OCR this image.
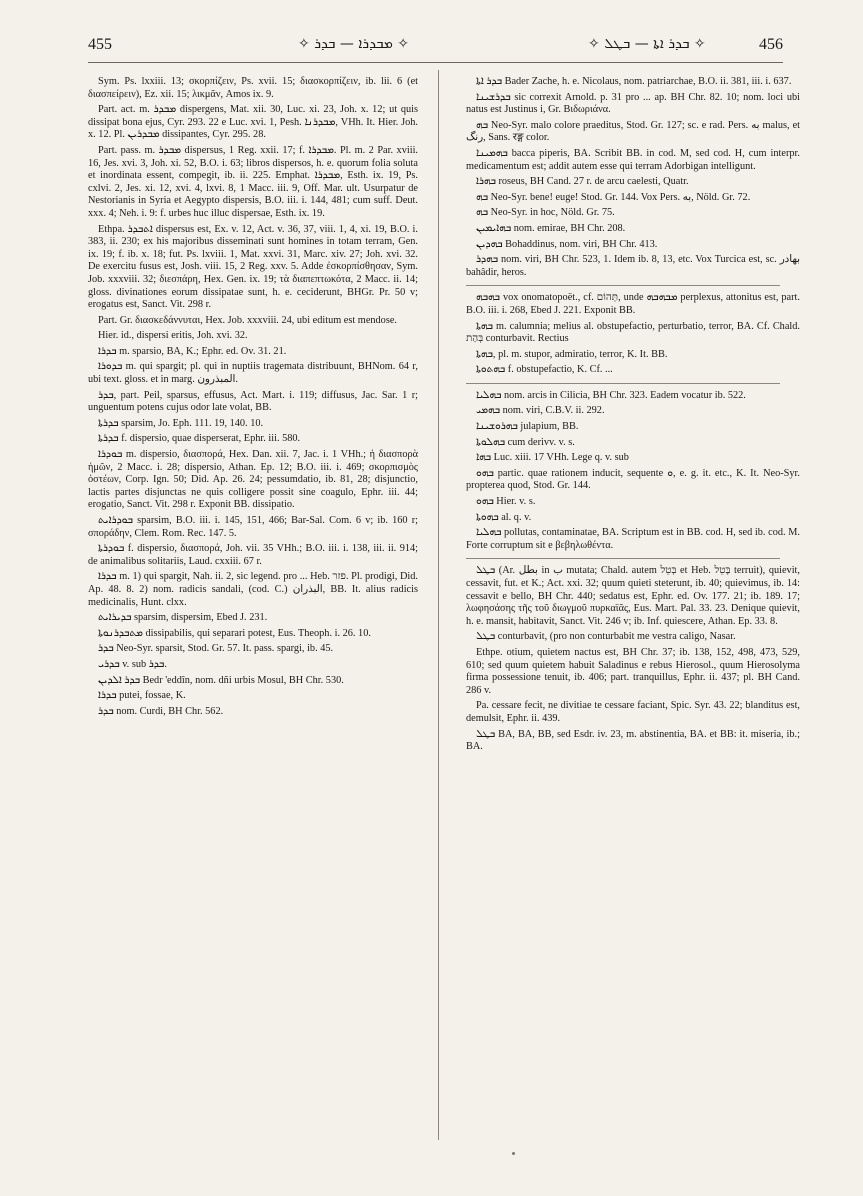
455	✧ ܡܒܕܪܐ — ܒܕܪ ✧	✧ ܒܕܪ ܐܬܐ — ܒܛܠ ✧	456

Sym. Ps. lxxiii. 13; σκορπίζειν, Ps. xvii. 15; διασκορπίζειν, ib. lii. 6 (et διασπείρειν), Ez. xii. 15; λικμᾶν, Amos ix. 9.

Part. act. m. ܡܒܕܪ dispergens, Mat. xii. 30, Luc. xi. 23, Joh. x. 12; ut quis dissipat bona ejus, Cyr. 293. 22 e Luc. xvi. 1, Pesh. ܡܒܕܪܢܐ, VHh. It. Hier. Joh. x. 12. Pl. ܡܒܕܪܝܢ dissipantes, Cyr. 295. 28.

Part. pass. m. ܡܒܕܪ dispersus, 1 Reg. xxii. 17; f. ܡܒܕܪܐ. Pl. m. 2 Par. xviii. 16, Jes. xvi. 3, Joh. xi. 52, B.O. i. 63; libros dispersos, h. e. quorum folia soluta et inordinata essent, compegit, ib. ii. 225. Emphat. ܡܒܕܪܐ, Esth. ix. 19, Ps. cxlvi. 2, Jes. xi. 12, xvi. 4, lxvi. 8, 1 Macc. iii. 9, Off. Mar. ult. Usurpatur de Nestorianis in Syria et Aegypto dispersis, B.O. iii. i. 144, 481; cum suff. Deut. xxx. 4; Neh. i. 9: f. urbes huc illuc dispersae, Esth. ix. 19.

Ethpa. ܐܬܒܕܪ dispersus est, Ex. v. 12, Act. v. 36, 37, viii. 1, 4, xi. 19, B.O. i. 383, ii. 230; ex his majoribus disseminati sunt homines in totam terram, Gen. ix. 19; f. ib. x. 18; fut. Ps. lxviii. 1, Mat. xxvi. 31, Marc. xiv. 27; Joh. xvi. 32. De exercitu fusus est, Josh. viii. 15, 2 Reg. xxv. 5. Adde ἐσκορπίσθησαν, Sym. Job. xxxviii. 32; διεσπάρη, Hex. Gen. ix. 19; τὰ διαπεπτωκότα, 2 Macc. ii. 14; gloss. divinationes eorum dissipatae sunt, h. e. ceciderunt, BHGr. Pr. 50 v; erogatus est, Sanct. Vit. 298 r.

Part. Gr. διασκεδάννυται, Hex. Job. xxxviii. 24, ubi editum est mendose.

Hier. id., dispersi eritis, Joh. xvi. 32.

ܒܕܪܐ m. sparsio, BA, K.; Ephr. ed. Ov. 31. 21.

ܒܕܘܪܐ m. qui spargit; pl. qui in nuptiis tragemata distribuunt, BHNom. 64 r, ubi text. gloss. et in marg. المبذرون.

ܒܕܪ, part. Peil, sparsus, effusus, Act. Mart. i. 119; diffusus, Jac. Sar. 1 r; unguentum potens cujus odor late volat, BB.

ܒܕܪܬܐ sparsim, Jo. Eph. 111. 19, 140. 10.

ܒܕܪܬܐ f. dispersio, quae disperserat, Ephr. iii. 580.

ܒܘܕܪܐ m. dispersio, διασπορά, Hex. Dan. xii. 7, Jac. i. 1 VHh.; ἡ διασπορὰ ἡμῶν, 2 Macc. i. 28; dispersio, Athan. Ep. 12; B.O. iii. i. 469; σκορπισμὸς ὀστέων, Corp. Ign. 50; Did. Ap. 26. 24; pessumdatio, ib. 81, 28; disjunctio, lactis partes disjunctas ne quis colligere possit sine coagulo, Ephr. iii. 44; erogatio, Sanct. Vit. 298 r. Exponit BB. dissipatio.

ܒܘܕܪܐܝܬ sparsim, B.O. iii. i. 145, 151, 466; Bar-Sal. Com. 6 v; ib. 160 r; σποράδην, Clem. Rom. Rec. 147. 5.

ܒܘܕܪܬܐ f. dispersio, διασπορά, Joh. vii. 35 VHh.; B.O. iii. i. 138, iii. ii. 914; de animalibus solitariis, Laud. cxxiii. 67 r.

ܒܕܪܐ m. 1) qui spargit, Nah. ii. 2, sic legend. pro ... Heb. פזר. Pl. prodigi, Did. Ap. 48. 8. 2) nom. radicis sandali, (cod. C.) البذران, BB. It. alius radicis medicinalis, Hunt. clxx.

ܒܕܝܪܐܝܬ sparsim, dispersim, Ebed J. 231.

ܡܬܒܕܪܢܘܬܐ dissipabilis, qui separari potest, Eus. Theoph. i. 26. 10.

ܒܕܪ Neo-Syr. sparsit, Stod. Gr. 57. It. pass. spargi, ib. 45.

ܒܕܪܝ v. sub ܒܕܪ.

ܒܕܪ ܐܠܕܝܢ Bedr 'eddîn, nom. dñi urbis Mosul, BH Chr. 530.

ܒܕܪܐ putei, fossae, K.

ܒܕܪ nom. Curdi, BH Chr. 562.

ܒܕܪ ܐܬܐ Bader Zache, h. e. Nicolaus, nom. patriarchae, B.O. ii. 381, iii. i. 637.

ܒܕܪܫܝܢܐ sic correxit Arnold. p. 31 pro ... ap. BH Chr. 82. 10; nom. loci ubi natus est Justinus i, Gr. Βιδωριάνα.

ܒܗ Neo-Syr. malo colore praeditus, Stod. Gr. 127; sc. e rad. Pers. به malus, et رنگ, Sans. रङ्ग color.

ܒܗܡܝܢܐ bacca piperis, BA. Scribit BB. in cod. M, sed cod. H, cum interpr. medicamentum est; addit autem esse qui terram Adorbigan intelligunt.

ܒܗܪܐ roseus, BH Cand. 27 r. de arcu caelesti, Quatr.

ܒܗ Neo-Syr. bene! euge! Stod. Gr. 144. Vox Pers. به, Nöld. Gr. 72.

ܒܗ Neo-Syr. in hoc, Nöld. Gr. 75.

ܒܗܐܝܡܝܢ nom. emirae, BH Chr. 208.

ܒܗܕܝܢ Bohaddinus, nom. viri, BH Chr. 413.

ܒܗܕܪ nom. viri, BH Chr. 523, 1. Idem ib. 8, 13, etc. Vox Turcica est, sc. بهادر bahâdir, heros.

ܒܗܒܗ vox onomatopoët., cf. תְּהוֹם, unde ܡܒܗܒܗ perplexus, attonitus est, part. B.O. iii. i. 268, Ebed J. 221. Exponit BB.

ܒܗܬܐ m. calumnia; melius al. obstupefactio, perturbatio, terror, BA. Cf. Chald. בְּהַת conturbavit. Rectius

ܒܗܬܐ, pl. m. stupor, admiratio, terror, K. It. BB.

ܒܗܬܘܬܐ f. obstupefactio, K. Cf. ...

ܒܗܠܝܐ nom. arcis in Cilicia, BH Chr. 323. Eadem vocatur ib. 522.

ܒܗܡܝ nom. viri, C.B.V. ii. 292.

ܒܗܪܘܫܝܢܐ julapium, BB.

ܒܗܠܘܬܐ cum derivv. v. s.

ܒܗܐ Luc. xiii. 17 VHh. Lege q. v. sub

ܒܗܘ partic. quae rationem inducit, sequente ܘ, e. g. it. etc., K. It. Neo-Syr. propterea quod, Stod. Gr. 144.

ܒܗܘ Hier. v. s.

ܒܗܘܬܐ al. q. v.

ܒܗܠܝܐ pollutas, contaminatae, BA. Scriptum est in BB. cod. H, sed ib. cod. M. Forte corruptum sit e βεβηλωθέντα.

ܒܛܠ (Ar. بطل in ب mutata; Chald. autem בְּטֵל et Heb. בָּטֵל terruit), quievit, cessavit, fut. et K.; Act. xxi. 32; quum quieti steterunt, ib. 40; quievimus, ib. 14: cessavit e bello, BH Chr. 440; sedatus est, Ephr. ed. Ov. 177. 21; ib. 189. 17; λωφησάσης τῆς τοῦ διωγμοῦ πυρκαϊᾶς, Eus. Mart. Pal. 33. 23. Denique quievit, h. e. mansit, habitavit, Sanct. Vit. 246 v; ib. Inf. quiescere, Athan. Ep. 33. 8.

ܒܛܠ conturbavit, (pro non conturbabit me vestra caligo, Nasar.

Ethpe. otium, quietem nactus est, BH Chr. 37; ib. 138, 152, 498, 473, 529, 610; sed quum quietem habuit Saladinus e rebus Hierosol., quum Hierosolyma firma possessione tenuit, ib. 406; part. tranquillus, Ephr. ii. 437; pl. BH Cand. 286 v.

Pa. cessare fecit, ne divitiae te cessare faciant, Spic. Syr. 43. 22; blanditus est, demulsit, Ephr. ii. 439.

ܒܛܠ BA, BA, BB, sed Esdr. iv. 23, m. abstinentia, BA. et BB: it. miseria, ib.; BA.
